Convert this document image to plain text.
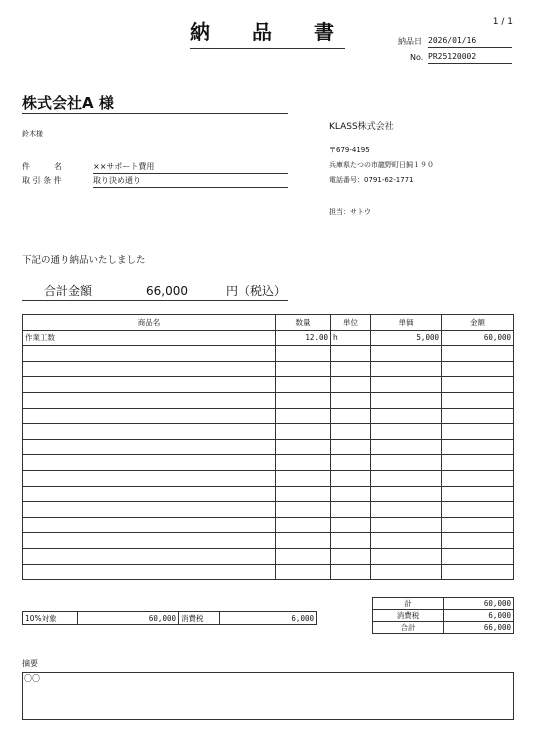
納 品 書	1 / 1
納品日 2026/01/16
No. PR25120002
株式会社A 様
鈴木様
件　　　名	××サポート費用
取 引 条 件	取り決め通り
KLASS株式会社
〒679-4195
兵庫県たつの市龍野町日飼１９０
電話番号：0791-62-1771
担当：サトウ
下記の通り納品いたしました
合計金額	66,000	円（税込）
商品名	数量	単位	単価	金額
作業工数	12.00	h	5,000	60,000

10%対象	60,000	消費税	6,000
計	60,000
消費税	6,000
合計	66,000
摘要
〇〇
